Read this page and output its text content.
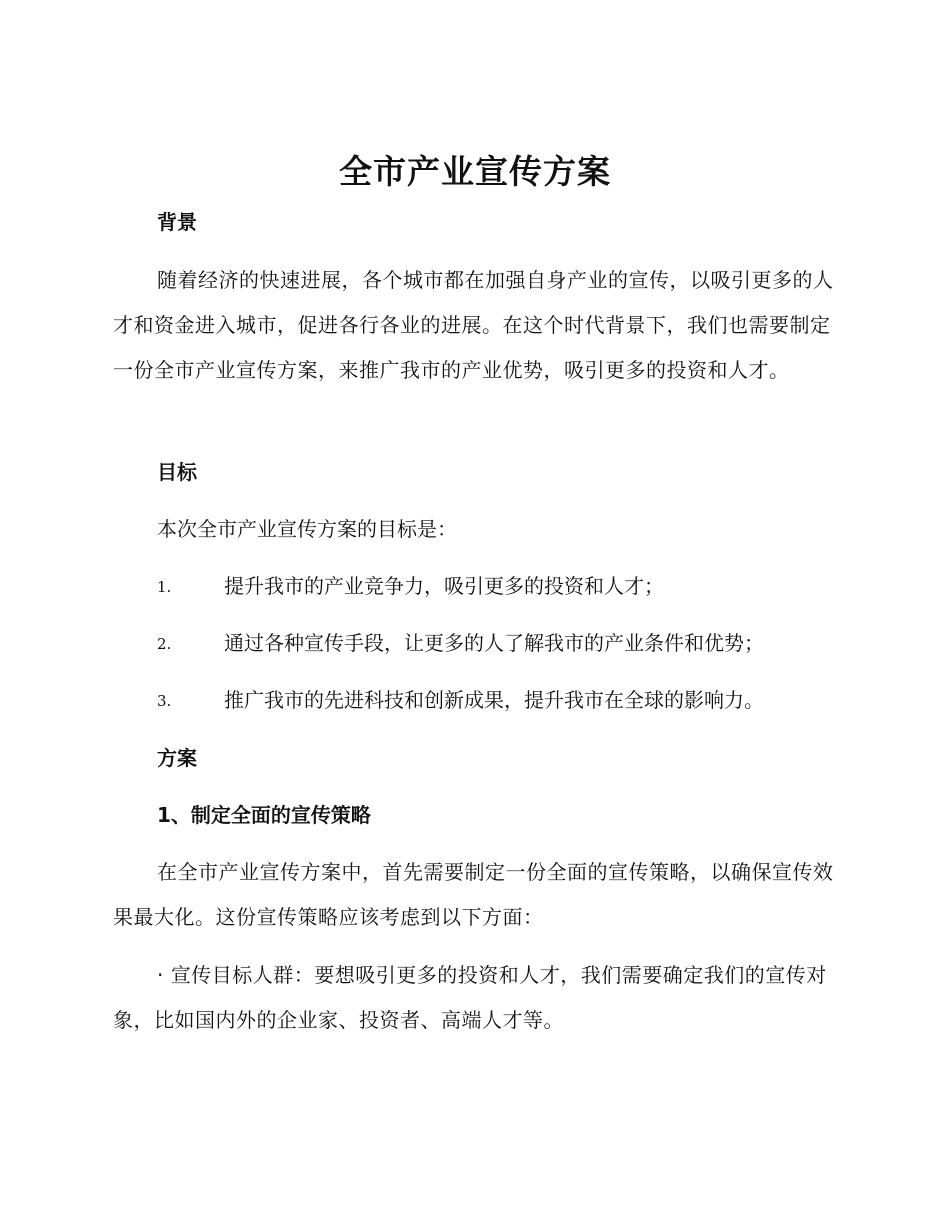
全市产业宣传方案
背景
随着经济的快速进展，各个城市都在加强自身产业的宣传，以吸引更多的人才和资金进入城市，促进各行各业的进展。在这个时代背景下，我们也需要制定一份全市产业宣传方案，来推广我市的产业优势，吸引更多的投资和人才。
目标
本次全市产业宣传方案的目标是：
1.	提升我市的产业竞争力，吸引更多的投资和人才；
2.	通过各种宣传手段，让更多的人了解我市的产业条件和优势；
3.	推广我市的先进科技和创新成果，提升我市在全球的影响力。
方案
1、制定全面的宣传策略
在全市产业宣传方案中，首先需要制定一份全面的宣传策略，以确保宣传效果最大化。这份宣传策略应该考虑到以下方面：
· 宣传目标人群：要想吸引更多的投资和人才，我们需要确定我们的宣传对象，比如国内外的企业家、投资者、高端人才等。
